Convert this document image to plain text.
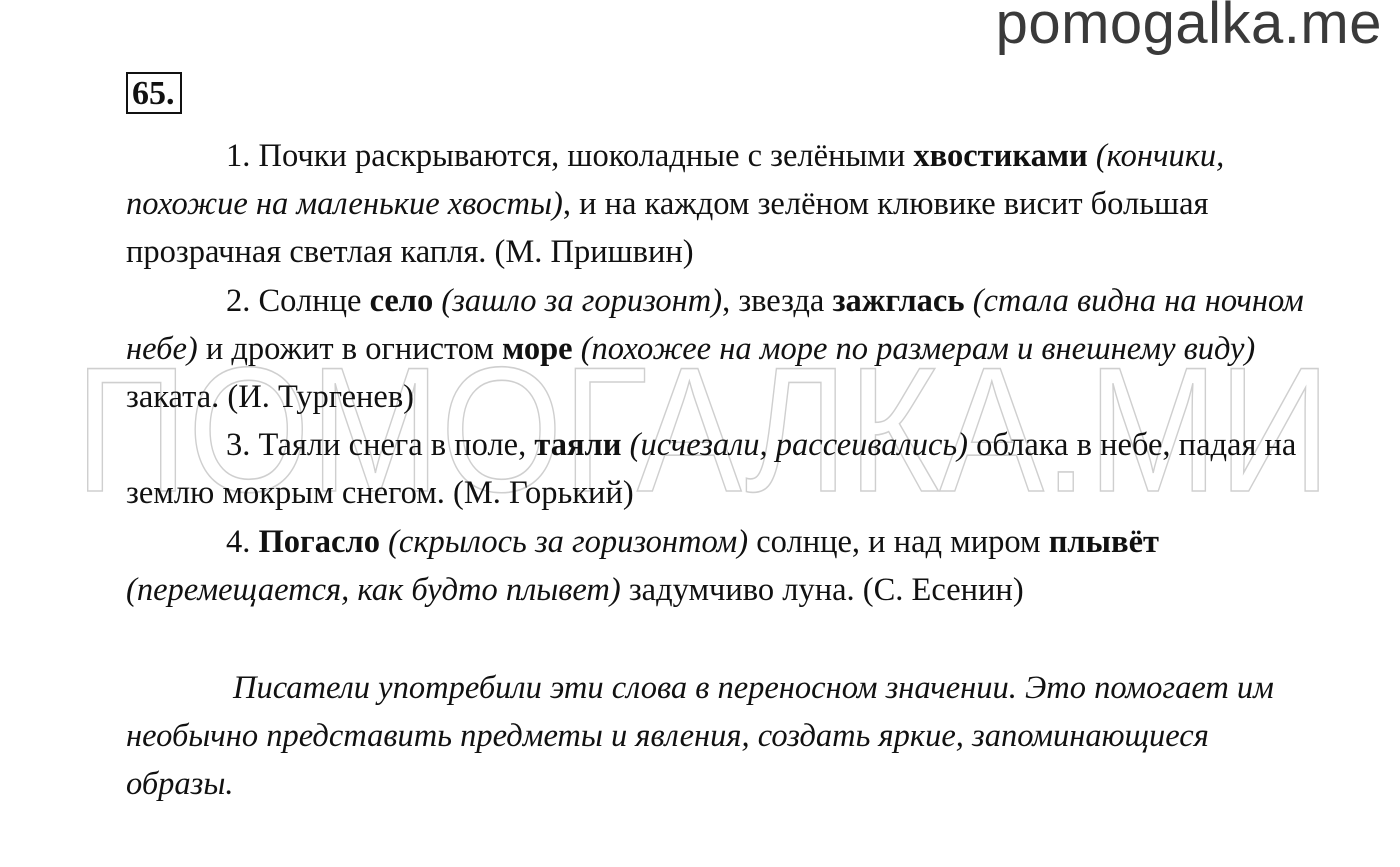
pomogalka.me
ПОМОГАЛКА.МИ
65.

1. Почки раскрываются, шоколадные с зелёными хвостиками (кончики, похожие на маленькие хвосты), и на каждом зелёном клювике висит большая прозрачная светлая капля. (М. Пришвин)

2. Солнце село (зашло за горизонт), звезда зажглась (стала видна на ночном небе) и дрожит в огнистом море (похожее на море по размерам и внешнему виду) заката. (И. Тургенев)

3. Таяли снега в поле, таяли (исчезали, рассеивались) облака в небе, падая на землю мокрым снегом. (М. Горький)

4. Погасло (скрылось за горизонтом) солнце, и над миром плывёт (перемещается, как будто плывет) задумчиво луна. (С. Есенин)

Писатели употребили эти слова в переносном значении. Это помогает им необычно представить предметы и явления, создать яркие, запоминающиеся образы.
